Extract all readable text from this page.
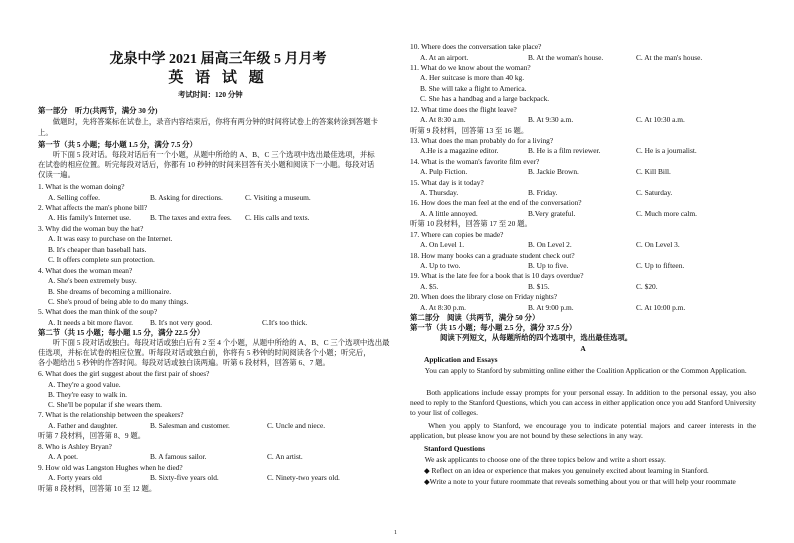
龙泉中学 2021 届高三年级 5 月月考
英 语 试 题
考试时间：120 分钟
第一部分　听力(共两节，满分 30 分)
　　做题时，先将答案标在试卷上，录音内容结束后，你将有两分钟的时间将试卷上的答案转涂到答题卡
上。
第一节（共 5 小题；每小题 1.5 分，满分 7.5 分）
　　听下面 5 段对话。每段对话后有一个小题，从题中所给的 A、B、C 三个选项中选出最佳选项，并标
在试卷的相应位置。听完每段对话后，你都有 10 秒钟的时间来回答有关小题和阅读下一小题。每段对话
仅读一遍。
1. What is the woman doing?
A. Selling coffee.	B. Asking for directions.	C. Visiting a museum.
2. What affects the man's phone bill?
A. His family's Internet use.	B. The taxes and extra fees. C. His calls and texts.
3. Why did the woman buy the hat?
A. It was easy to purchase on the Internet.
B. It's cheaper than baseball hats.
C. It offers complete sun protection.
4. What does the woman mean?
A. She's been extremely busy.
B. She dreams of becoming a millionaire.
C. She's proud of being able to do many things.
5. What does the man think of the soup?
A. It needs a bit more flavor. B. It's not very good.	C.It's too thick.
第二节（共 15 小题；每小题 1.5 分，满分 22.5 分）
　　听下面 5 段对话或独白。每段对话或独白后有 2 至 4 个小题，从题中所给的 A、B、C 三个选项中选出最
佳选项，并标在试卷的相应位置。听每段对话或独白前，你将有 5 秒钟的时间阅读各个小题；听完后，
各小题给出 5 秒钟的作答时间。每段对话或独白读两遍。听第 6 段材料，回答第 6、7 题。
6. What does the girl suggest about the first pair of shoes?
A. They're a good value.
B. They're easy to walk in.
C. She'll be popular if she wears them.
7. What is the relationship between the speakers?
A. Father and daughter.	B. Salesman and customer.	C. Uncle and niece.
听第 7 段材料，回答第 8、9 题。
8. Who is Ashley Bryan?
A. A poet.	B. A famous sailor.	C. An artist.
9. How old was Langston Hughes when he died?
A. Forty years old	B. Sixty-five years old.	C. Ninety-two years old.
听第 8 段材料，回答第 10 至 12 题。
10. Where does the conversation take place?
A. At an airport.	B. At the woman's house.	C. At the man's house.
11. What do we know about the woman?
A. Her suitcase is more than 40 kg.
B. She will take a flight to America.
C. She has a handbag and a large backpack.
12. What time does the flight leave?
A. At 8:30 a.m.	B. At 9:30 a.m.	C. At 10:30 a.m.
听第 9 段材料，回答第 13 至 16 题。
13. What does the man probably do for a living?
A.He is a magazine editor.	B. He is a film reviewer.	C. He is a journalist.
14. What is the woman's favorite film ever?
A. Pulp Fiction.	B. Jackie Brown.	C. Kill Bill.
15. What day is it today?
A. Thursday.	B. Friday.	C. Saturday.
16. How does the man feel at the end of the conversation?
A. A little annoyed.	B.Very grateful.	C. Much more calm.
听第 10 段材料，回答第 17 至 20 题。
17. Where can copies be made?
A. On Level 1.	B. On Level 2.	C. On Level 3.
18. How many books can a graduate student check out?
A. Up to two.	B. Up to five.	C. Up to fifteen.
19. What is the late fee for a book that is 10 days overdue?
A. $5.	B. $15.	C. $20.
20. When does the library close on Friday nights?
A. At 8:30 p.m.	B. At 9:00 p.m.	C. At 10:00 p.m.
第二部分　阅读（共两节，满分 50 分）
第一节（共 15 小题；每小题 2.5 分，满分 37.5 分）
阅读下列短文，从每题所给的四个选项中，选出最佳选项。
A
Application and Essays
　　You can apply to Stanford by submitting online either the Coalition Application or the Common Application.
　　Both applications include essay prompts for your personal essay. In addition to the personal essay, you also need to reply to the Stanford Questions, which you can access in either application once you add Stanford University to your list of colleges.
　　When you apply to Stanford, we encourage you to indicate potential majors and career interests in the application, but please know you are not bound by these selections in any way.
Stanford Questions
　　We ask applicants to choose one of the three topics below and write a short essay.
◆ Reflect on an idea or experience that makes you genuinely excited about learning in Stanford.
◆Write a note to your future roommate that reveals something about you or that will help your roommate
1
